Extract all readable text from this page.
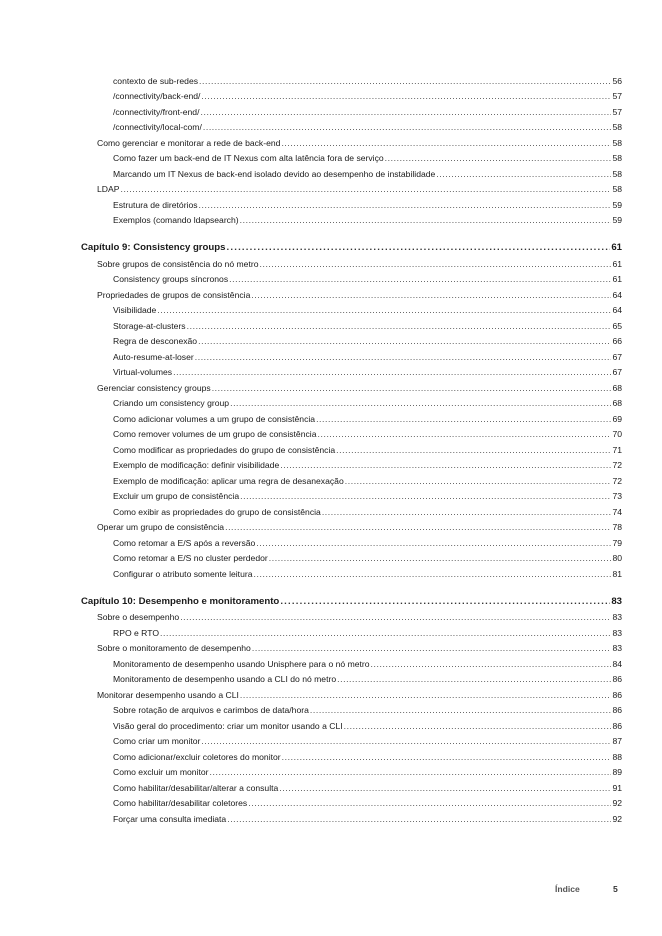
contexto de sub-redes .....	56
/connectivity/back-end/ .....	57
/connectivity/front-end/ .....	57
/connectivity/local-com/ .....	58
Como gerenciar e monitorar a rede de back-end .....	58
Como fazer um back-end de IT Nexus com alta latência fora de serviço .....	58
Marcando um IT Nexus de back-end isolado devido ao desempenho de instabilidade .....	58
LDAP .....	58
Estrutura de diretórios .....	59
Exemplos (comando ldapsearch) .....	59
Capítulo 9: Consistency groups .....	61
Sobre grupos de consistência do nó metro .....	61
Consistency groups síncronos .....	61
Propriedades de grupos de consistência .....	64
Visibilidade .....	64
Storage-at-clusters .....	65
Regra de desconexão .....	66
Auto-resume-at-loser .....	67
Virtual-volumes .....	67
Gerenciar consistency groups .....	68
Criando um consistency group .....	68
Como adicionar volumes a um grupo de consistência .....	69
Como remover volumes de um grupo de consistência .....	70
Como modificar as propriedades do grupo de consistência .....	71
Exemplo de modificação: definir visibilidade .....	72
Exemplo de modificação: aplicar uma regra de desanexação .....	72
Excluir um grupo de consistência .....	73
Como exibir as propriedades do grupo de consistência .....	74
Operar um grupo de consistência .....	78
Como retomar a E/S após a reversão .....	79
Como retomar a E/S no cluster perdedor .....	80
Configurar o atributo somente leitura .....	81
Capítulo 10: Desempenho e monitoramento .....	83
Sobre o desempenho .....	83
RPO e RTO .....	83
Sobre o monitoramento de desempenho .....	83
Monitoramento de desempenho usando Unisphere para o nó metro .....	84
Monitoramento de desempenho usando a CLI do nó metro .....	86
Monitorar desempenho usando a CLI .....	86
Sobre rotação de arquivos e carimbos de data/hora .....	86
Visão geral do procedimento: criar um monitor usando a CLI .....	86
Como criar um monitor .....	87
Como adicionar/excluir coletores do monitor .....	88
Como excluir um monitor .....	89
Como habilitar/desabilitar/alterar a consulta .....	91
Como habilitar/desabilitar coletores .....	92
Forçar uma consulta imediata .....	92
Índice	5
